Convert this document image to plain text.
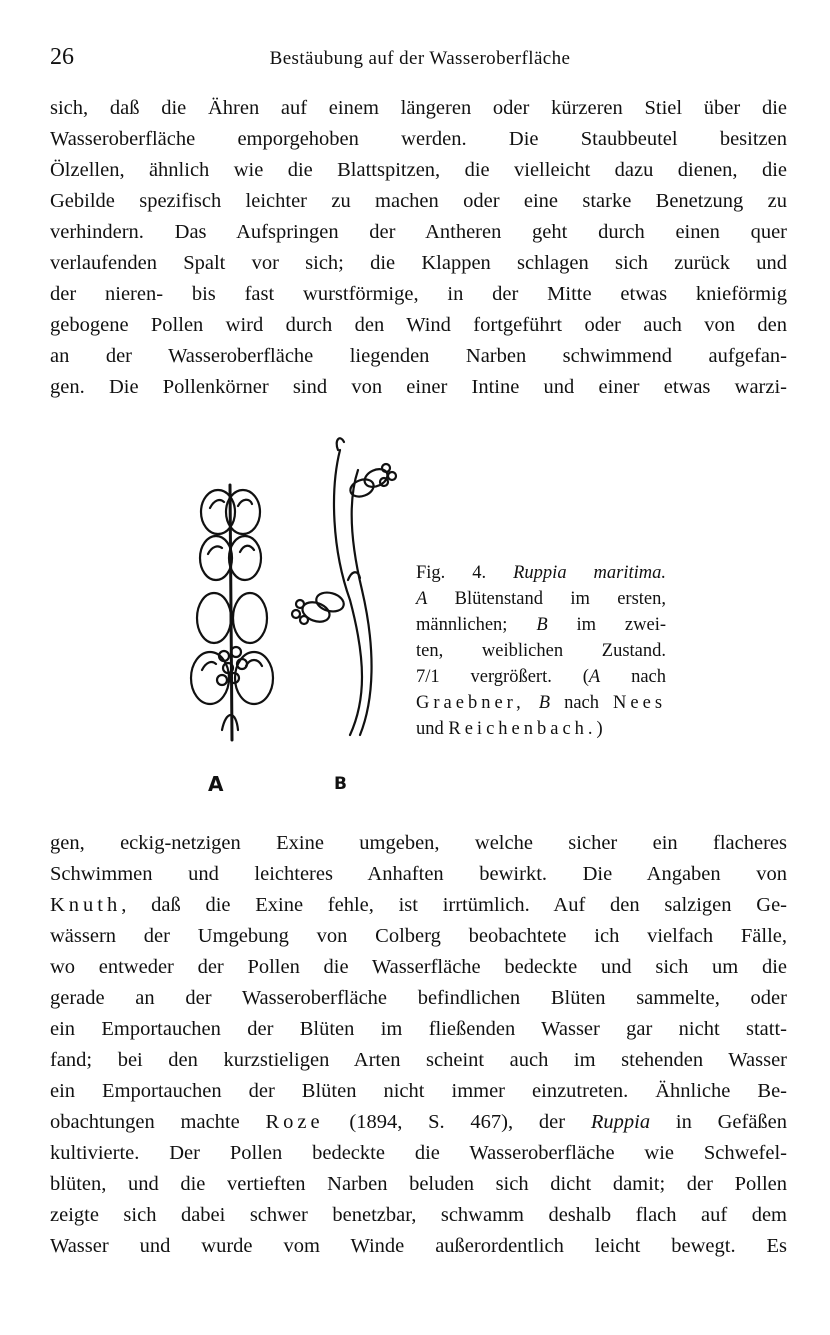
26	Bestäubung auf der Wasseroberfläche
sich, daß die Ähren auf einem längeren oder kürzeren Stiel über die
Wasseroberfläche emporgehoben werden. Die Staubbeutel besitzen
Ölzellen, ähnlich wie die Blattspitzen, die vielleicht dazu dienen, die
Gebilde spezifisch leichter zu machen oder eine starke Benetzung zu
verhindern. Das Aufspringen der Antheren geht durch einen quer
verlaufenden Spalt vor sich; die Klappen schlagen sich zurück und
der nieren- bis fast wurstförmige, in der Mitte etwas knieförmig
gebogene Pollen wird durch den Wind fortgeführt oder auch von den
an der Wasseroberfläche liegenden Narben schwimmend aufgefan-
gen. Die Pollenkörner sind von einer Intine und einer etwas warzi-
A	B
Fig. 4. Ruppia maritima.
A Blütenstand im ersten,
männlichen; B im zwei-
ten, weiblichen Zustand.
7/1 vergrößert. (A nach
Graebner, B nach Nees
und Reichenbach.)
gen, eckig-netzigen Exine umgeben, welche sicher ein flacheres
Schwimmen und leichteres Anhaften bewirkt. Die Angaben von
Knuth, daß die Exine fehle, ist irrtümlich. Auf den salzigen Ge-
wässern der Umgebung von Colberg beobachtete ich vielfach Fälle,
wo entweder der Pollen die Wasserfläche bedeckte und sich um die
gerade an der Wasseroberfläche befindlichen Blüten sammelte, oder
ein Emportauchen der Blüten im fließenden Wasser gar nicht statt-
fand; bei den kurzstieligen Arten scheint auch im stehenden Wasser
ein Emportauchen der Blüten nicht immer einzutreten. Ähnliche Be-
obachtungen machte Roze (1894, S. 467), der Ruppia in Gefäßen
kultivierte. Der Pollen bedeckte die Wasseroberfläche wie Schwefel-
blüten, und die vertieften Narben beluden sich dicht damit; der Pollen
zeigte sich dabei schwer benetzbar, schwamm deshalb flach auf dem
Wasser und wurde vom Winde außerordentlich leicht bewegt. Es
